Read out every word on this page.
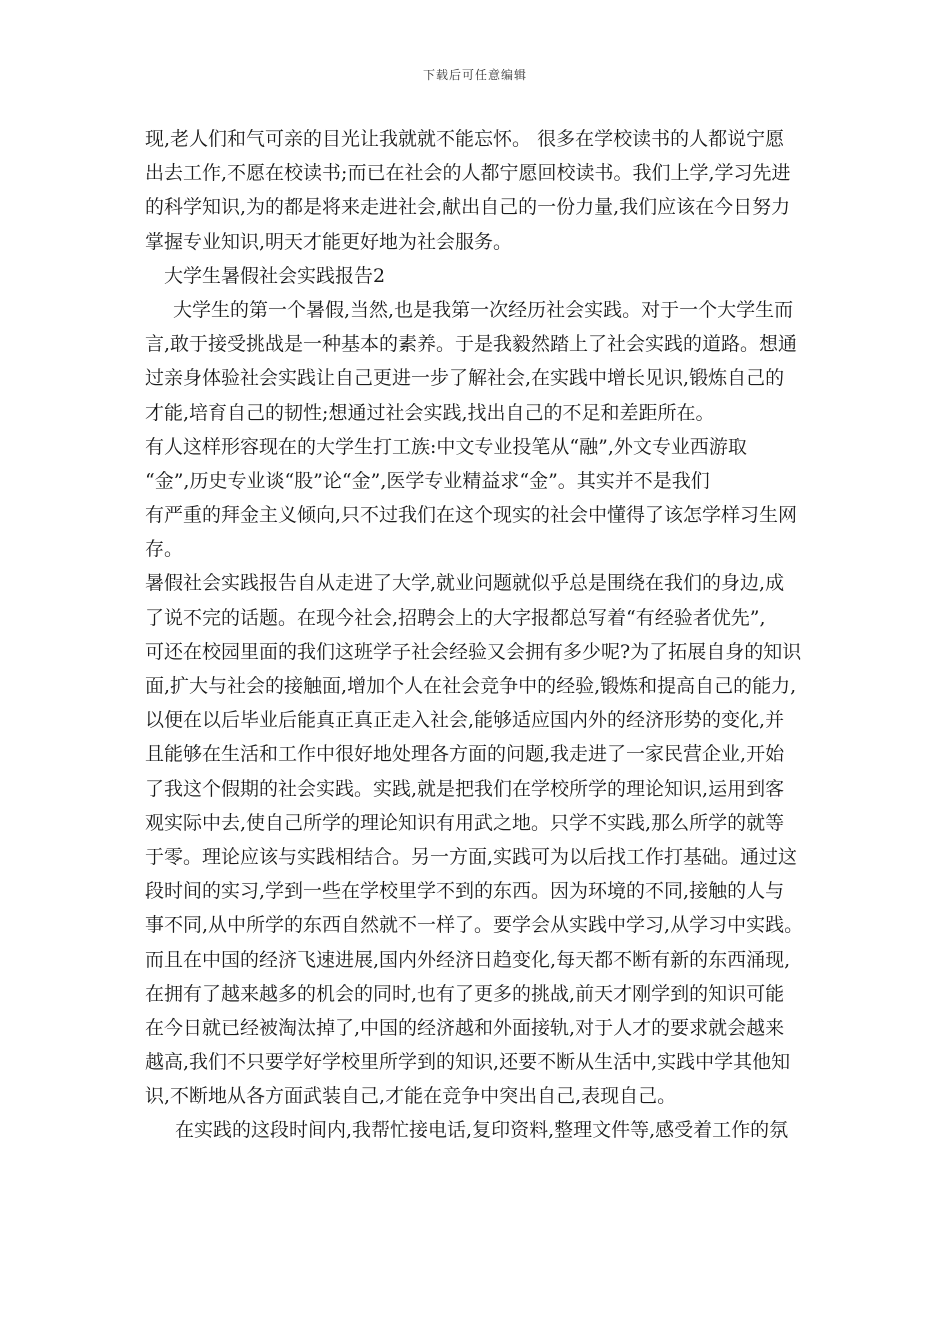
下载后可任意编辑
现,老人们和气可亲的目光让我就就不能忘怀。 很多在学校读书的人都说宁愿
出去工作,不愿在校读书;而已在社会的人都宁愿回校读书。我们上学,学习先进
的科学知识,为的都是将来走进社会,献出自己的一份力量,我们应该在今日努力
掌握专业知识,明天才能更好地为社会服务。
大学生暑假社会实践报告2
大学生的第一个暑假,当然,也是我第一次经历社会实践。对于一个大学生而
言,敢于接受挑战是一种基本的素养。于是我毅然踏上了社会实践的道路。想通
过亲身体验社会实践让自己更进一步了解社会,在实践中增长见识,锻炼自己的
才能,培育自己的韧性;想通过社会实践,找出自己的不足和差距所在。
有人这样形容现在的大学生打工族:中文专业投笔从“融”,外文专业西游取
“金”,历史专业谈“股”论“金”,医学专业精益求“金”。其实并不是我们
有严重的拜金主义倾向,只不过我们在这个现实的社会中懂得了该怎学样习生网
存。
暑假社会实践报告自从走进了大学,就业问题就似乎总是围绕在我们的身边,成
了说不完的话题。在现今社会,招聘会上的大字报都总写着“有经验者优先”,
可还在校园里面的我们这班学子社会经验又会拥有多少呢?为了拓展自身的知识
面,扩大与社会的接触面,增加个人在社会竞争中的经验,锻炼和提高自己的能力,
以便在以后毕业后能真正真正走入社会,能够适应国内外的经济形势的变化,并
且能够在生活和工作中很好地处理各方面的问题,我走进了一家民营企业,开始
了我这个假期的社会实践。实践,就是把我们在学校所学的理论知识,运用到客
观实际中去,使自己所学的理论知识有用武之地。只学不实践,那么所学的就等
于零。理论应该与实践相结合。另一方面,实践可为以后找工作打基础。通过这
段时间的实习,学到一些在学校里学不到的东西。因为环境的不同,接触的人与
事不同,从中所学的东西自然就不一样了。要学会从实践中学习,从学习中实践。
而且在中国的经济飞速进展,国内外经济日趋变化,每天都不断有新的东西涌现,
在拥有了越来越多的机会的同时,也有了更多的挑战,前天才刚学到的知识可能
在今日就已经被淘汰掉了,中国的经济越和外面接轨,对于人才的要求就会越来
越高,我们不只要学好学校里所学到的知识,还要不断从生活中,实践中学其他知
识,不断地从各方面武装自己,才能在竞争中突出自己,表现自己。
在实践的这段时间内,我帮忙接电话,复印资料,整理文件等,感受着工作的氛
